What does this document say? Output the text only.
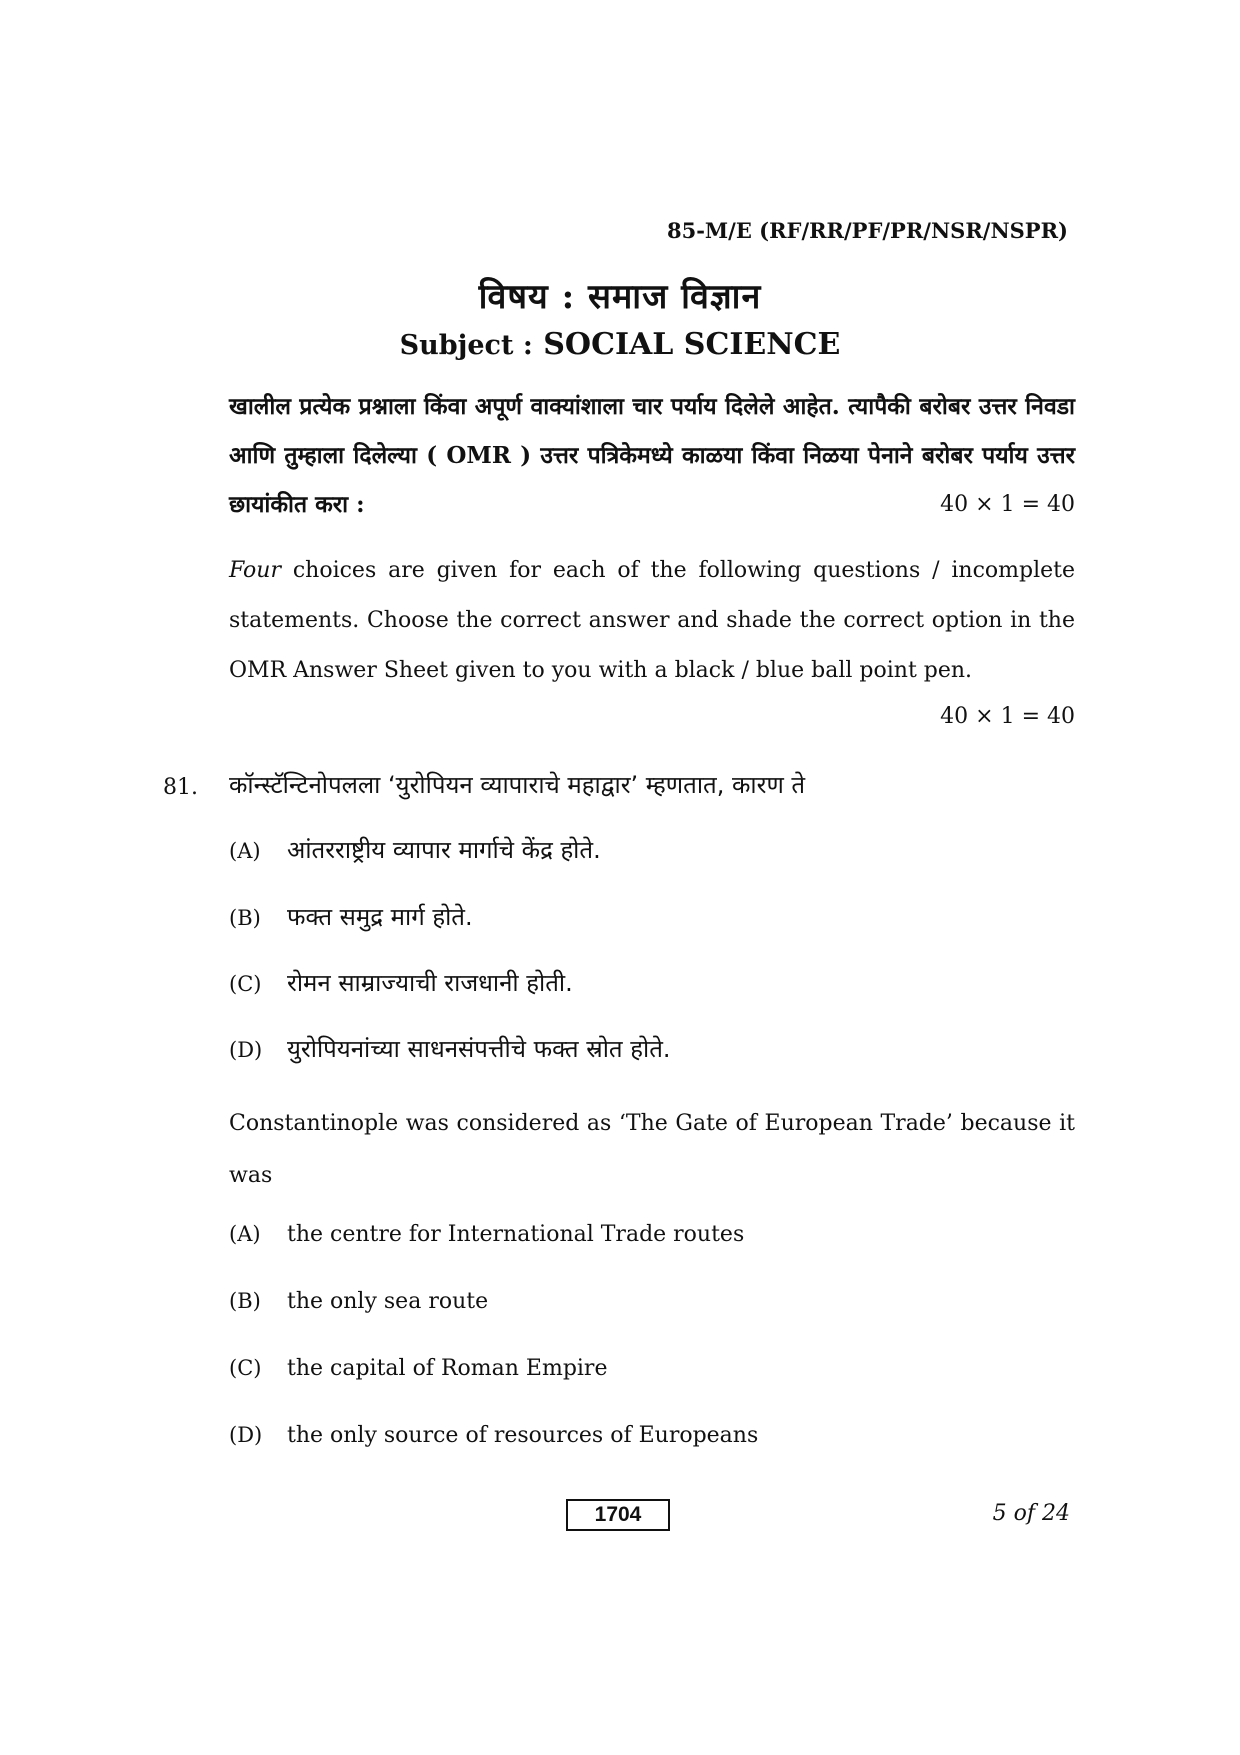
85-M/E (RF/RR/PF/PR/NSR/NSPR)
विषय : समाज विज्ञान
Subject : SOCIAL SCIENCE
खालील प्रत्येक प्रश्नाला किंवा अपूर्ण वाक्यांशाला चार पर्याय दिलेले आहेत. त्यापैकी बरोबर उत्तर निवडा आणि तुम्हाला दिलेल्या ( OMR ) उत्तर पत्रिकेमध्ये काळया किंवा निळया पेनाने बरोबर पर्याय उत्तर छायांकीत करा :	40 × 1 = 40
Four choices are given for each of the following questions / incomplete statements. Choose the correct answer and shade the correct option in the OMR Answer Sheet given to you with a black / blue ball point pen.
40 × 1 = 40
81. कॉन्स्टॅन्टिनोपलला ‘युरोपियन व्यापाराचे महाद्वार’ म्हणतात, कारण ते
(A) आंतरराष्ट्रीय व्यापार मार्गाचे केंद्र होते.
(B) फक्त समुद्र मार्ग होते.
(C) रोमन साम्राज्याची राजधानी होती.
(D) युरोपियनांच्या साधनसंपत्तीचे फक्त स्रोत होते.
Constantinople was considered as ‘The Gate of European Trade’ because it was
(A) the centre for International Trade routes
(B) the only sea route
(C) the capital of Roman Empire
(D) the only source of resources of Europeans
1704	5 of 24
